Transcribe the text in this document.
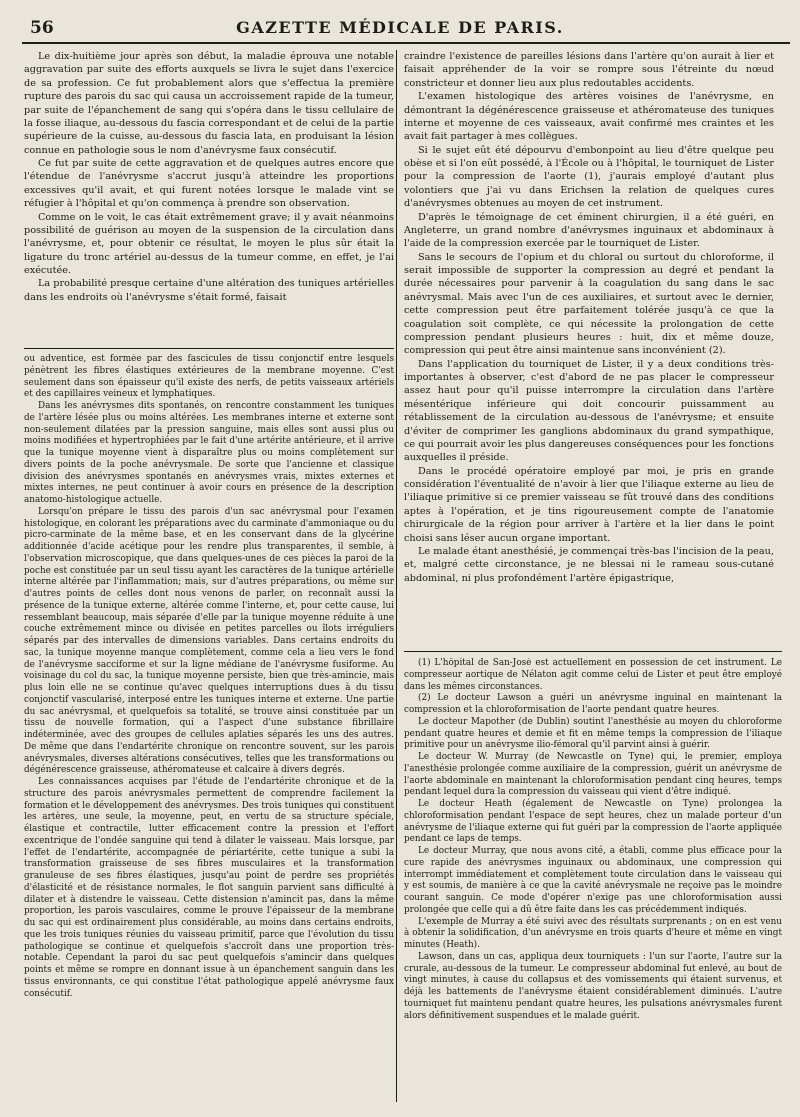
56	GAZETTE MÉDICALE DE PARIS.

Le dix-huitième jour après son début, la maladie éprouva une notable aggravation par suite des efforts auxquels se livra le sujet dans l'exercice de sa profession. Ce fut probablement alors que s'effectua la première rupture des parois du sac qui causa un accroissement rapide de la tumeur, par suite de l'épanchement de sang qui s'opéra dans le tissu cellulaire de la fosse iliaque, au-dessous du fascia correspondant et de celui de la partie supérieure de la cuisse, au-dessous du fascia lata, en produisant la lésion connue en pathologie sous le nom d'anévrysme faux consécutif.

Ce fut par suite de cette aggravation et de quelques autres encore que l'étendue de l'anévrysme s'accrut jusqu'à atteindre les proportions excessives qu'il avait, et qui furent notées lorsque le malade vint se réfugier à l'hôpital et qu'on commença à prendre son observation.

Comme on le voit, le cas était extrêmement grave; il y avait néanmoins possibilité de guérison au moyen de la suspension de la circulation dans l'anévrysme, et, pour obtenir ce résultat, le moyen le plus sûr était la ligature du tronc artériel au-dessus de la tumeur comme, en effet, je l'ai exécutée.

La probabilité presque certaine d'une altération des tuniques artérielles dans les endroits où l'anévrysme s'était formé, faisait

ou adventice, est formée par des fascicules de tissu conjonctif entre lesquels pénètrent les fibres élastiques extérieures de la membrane moyenne. C'est seulement dans son épaisseur qu'il existe des nerfs, de petits vaisseaux artériels et des capillaires veineux et lymphatiques.

Dans les anévrysmes dits spontanés, on rencontre constamment les tuniques de l'artère lésée plus ou moins altérées. Les membranes interne et externe sont non-seulement dilatées par la pression sanguine, mais elles sont aussi plus ou moins modifiées et hypertrophiées par le fait d'une artérite antérieure, et il arrive que la tunique moyenne vient à disparaître plus ou moins complètement sur divers points de la poche anévrysmale. De sorte que l'ancienne et classique division des anévrysmes spontanés en anévrysmes vrais, mixtes externes et mixtes internes, ne peut continuer à avoir cours en présence de la description anatomo-histologique actuelle.

Lorsqu'on prépare le tissu des parois d'un sac anévrysmal pour l'examen histologique, en colorant les préparations avec du carminate d'ammoniaque ou du picro-carminate de la même base, et en les conservant dans de la glycérine additionnée d'acide acétique pour les rendre plus transparentes, il semble, à l'observation microscopique, que dans quelques-unes de ces pièces la paroi de la poche est constituée par un seul tissu ayant les caractères de la tunique artérielle interne altérée par l'inflammation; mais, sur d'autres préparations, ou même sur d'autres points de celles dont nous venons de parler, on reconnaît aussi la présence de la tunique externe, altérée comme l'interne, et, pour cette cause, lui ressemblant beaucoup, mais séparée d'elle par la tunique moyenne réduite à une couche extrêmement mince ou divisée en petites parcelles ou îlots irréguliers séparés par des intervalles de dimensions variables. Dans certains endroits du sac, la tunique moyenne manque complètement, comme cela a lieu vers le fond de l'anévrysme sacciforme et sur la ligne médiane de l'anévrysme fusiforme. Au voisinage du col du sac, la tunique moyenne persiste, bien que très-amincie, mais plus loin elle ne se continue qu'avec quelques interruptions dues à du tissu conjonctif vascularisé, interposé entre les tuniques interne et externe. Une partie du sac anévrysmal, et quelquefois sa totalité, se trouve ainsi constituée par un tissu de nouvelle formation, qui a l'aspect d'une substance fibrillaire indéterminée, avec des groupes de cellules aplaties séparés les uns des autres. De même que dans l'endartérite chronique on rencontre souvent, sur les parois anévrysmales, diverses altérations consécutives, telles que les transformations ou dégénérescence graisseuse, athéromateuse et calcaire à divers degrés.

Les connaissances acquises par l'étude de l'endartérite chronique et de la structure des parois anévrysmales permettent de comprendre facilement la formation et le développement des anévrysmes. Des trois tuniques qui constituent les artères, une seule, la moyenne, peut, en vertu de sa structure spéciale, élastique et contractile, lutter efficacement contre la pression et l'effort excentrique de l'ondée sanguine qui tend à dilater le vaisseau. Mais lorsque, par l'effet de l'endartérite, accompagnée de périartérite, cette tunique a subi la transformation graisseuse de ses fibres musculaires et la transformation granuleuse de ses fibres élastiques, jusqu'au point de perdre ses propriétés d'élasticité et de résistance normales, le flot sanguin parvient sans difficulté à dilater et à distendre le vaisseau. Cette distension n'amincit pas, dans la même proportion, les parois vasculaires, comme le prouve l'épaisseur de la membrane du sac qui est ordinairement plus considérable, au moins dans certains endroits, que les trois tuniques réunies du vaisseau primitif, parce que l'évolution du tissu pathologique se continue et quelquefois s'accroît dans une proportion très-notable. Cependant la paroi du sac peut quelquefois s'amincir dans quelques points et même se rompre en donnant issue à un épanchement sanguin dans les tissus environnants, ce qui constitue l'état pathologique appelé anévrysme faux consécutif.

craindre l'existence de pareilles lésions dans l'artère qu'on aurait à lier et faisait appréhender de la voir se rompre sous l'étreinte du nœud constricteur et donner lieu aux plus redoutables accidents.

L'examen histologique des artères voisines de l'anévrysme, en démontrant la dégénérescence graisseuse et athéromateuse des tuniques interne et moyenne de ces vaisseaux, avait confirmé mes craintes et les avait fait partager à mes collègues.

Si le sujet eût été dépourvu d'embonpoint au lieu d'être quelque peu obèse et si l'on eût possédé, à l'École ou à l'hôpital, le tourniquet de Lister pour la compression de l'aorte (1), j'aurais employé d'autant plus volontiers que j'ai vu dans Erichsen la relation de quelques cures d'anévrysmes obtenues au moyen de cet instrument.

D'après le témoignage de cet éminent chirurgien, il a été guéri, en Angleterre, un grand nombre d'anévrysmes inguinaux et abdominaux à l'aide de la compression exercée par le tourniquet de Lister.

Sans le secours de l'opium et du chloral ou surtout du chloroforme, il serait impossible de supporter la compression au degré et pendant la durée nécessaires pour parvenir à la coagulation du sang dans le sac anévrysmal. Mais avec l'un de ces auxiliaires, et surtout avec le dernier, cette compression peut être parfaitement tolérée jusqu'à ce que la coagulation soit complète, ce qui nécessite la prolongation de cette compression pendant plusieurs heures : huit, dix et même douze, compression qui peut être ainsi maintenue sans inconvénient (2).

Dans l'application du tourniquet de Lister, il y a deux conditions très-importantes à observer, c'est d'abord de ne pas placer le compresseur assez haut pour qu'il puisse interrompre la circulation dans l'artère mésentérique inférieure qui doit concourir puissamment au rétablissement de la circulation au-dessous de l'anévrysme; et ensuite d'éviter de comprimer les ganglions abdominaux du grand sympathique, ce qui pourrait avoir les plus dangereuses conséquences pour les fonctions auxquelles il préside.

Dans le procédé opératoire employé par moi, je pris en grande considération l'éventualité de n'avoir à lier que l'iliaque externe au lieu de l'iliaque primitive si ce premier vaisseau se fût trouvé dans des conditions aptes à l'opération, et je tins rigoureusement compte de l'anatomie chirurgicale de la région pour arriver à l'artère et la lier dans le point choisi sans léser aucun organe important.

Le malade étant anesthésié, je commençai très-bas l'incision de la peau, et, malgré cette circonstance, je ne blessai ni le rameau sous-cutané abdominal, ni plus profondément l'artère épigastrique,

(1) L'hôpital de San-José est actuellement en possession de cet instrument. Le compresseur aortique de Nélaton agit comme celui de Lister et peut être employé dans les mêmes circonstances.

(2) Le docteur Lawson a guéri un anévrysme inguinal en maintenant la compression et la chloroformisation de l'aorte pendant quatre heures.

Le docteur Mapother (de Dublin) soutint l'anesthésie au moyen du chloroforme pendant quatre heures et demie et fit en même temps la compression de l'iliaque primitive pour un anévrysme ilio-fémoral qu'il parvint ainsi à guérir.

Le docteur W. Murray (de Newcastle on Tyne) qui, le premier, employa l'anesthésie prolongée comme auxiliaire de la compression, guérit un anévrysme de l'aorte abdominale en maintenant la chloroformisation pendant cinq heures, temps pendant lequel dura la compression du vaisseau qui vient d'être indiqué.

Le docteur Heath (également de Newcastle on Tyne) prolongea la chloroformisation pendant l'espace de sept heures, chez un malade porteur d'un anévrysme de l'iliaque externe qui fut guéri par la compression de l'aorte appliquée pendant ce laps de temps.

Le docteur Murray, que nous avons cité, a établi, comme plus efficace pour la cure rapide des anévrysmes inguinaux ou abdominaux, une compression qui interrompt immédiatement et complètement toute circulation dans le vaisseau qui y est soumis, de manière à ce que la cavité anévrysmale ne reçoive pas le moindre courant sanguin. Ce mode d'opérer n'exige pas une chloroformisation aussi prolongée que celle qui a dû être faite dans les cas précédemment indiqués.

L'exemple de Murray a été suivi avec des résultats surprenants ; on en est venu à obtenir la solidification, d'un anévrysme en trois quarts d'heure et même en vingt minutes (Heath).

Lawson, dans un cas, appliqua deux tourniquets : l'un sur l'aorte, l'autre sur la crurale, au-dessous de la tumeur. Le compresseur abdominal fut enlevé, au bout de vingt minutes, à cause du collapsus et des vomissements qui étaient survenus, et déjà les battements de l'anévrysme étaient considérablement diminués. L'autre tourniquet fut maintenu pendant quatre heures, les pulsations anévrysmales furent alors définitivement suspendues et le malade guérit.
